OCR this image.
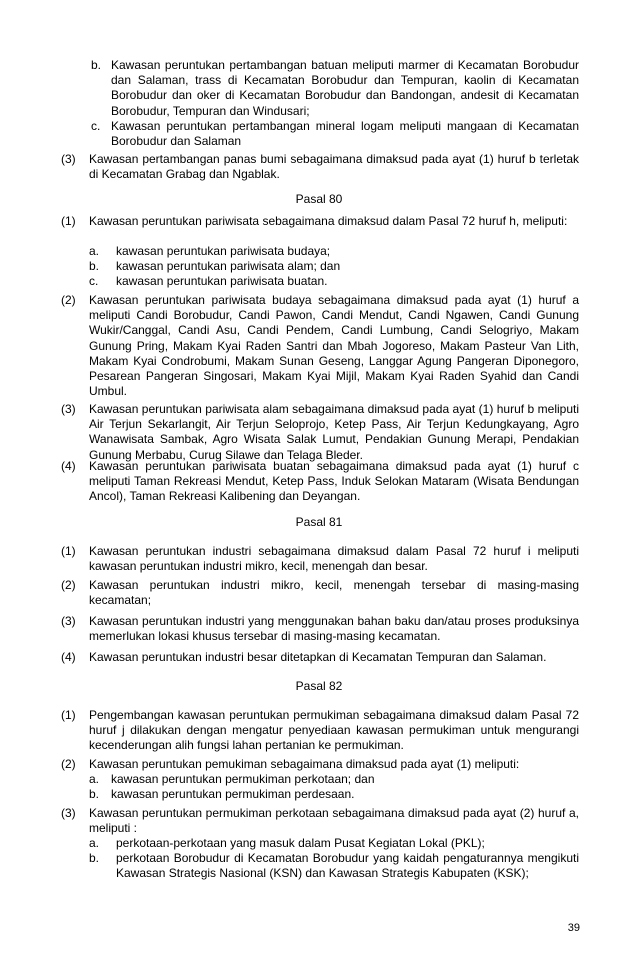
b. Kawasan peruntukan pertambangan batuan meliputi marmer di Kecamatan Borobudur dan Salaman, trass di Kecamatan Borobudur dan Tempuran, kaolin di Kecamatan Borobudur dan oker di Kecamatan Borobudur dan Bandongan, andesit di Kecamatan Borobudur, Tempuran dan Windusari;
c. Kawasan peruntukan pertambangan mineral logam meliputi mangaan di Kecamatan Borobudur dan Salaman
(3)	Kawasan pertambangan panas bumi sebagaimana dimaksud pada ayat (1) huruf b terletak di Kecamatan Grabag dan Ngablak.
Pasal 80
(1)	Kawasan peruntukan pariwisata sebagaimana dimaksud dalam Pasal 72 huruf h, meliputi:
a.	kawasan peruntukan pariwisata budaya;
b.	kawasan peruntukan pariwisata alam; dan
c.	kawasan peruntukan pariwisata buatan.
(2)	Kawasan peruntukan pariwisata budaya sebagaimana dimaksud pada ayat (1) huruf a meliputi Candi Borobudur, Candi Pawon, Candi Mendut, Candi Ngawen, Candi Gunung Wukir/Canggal, Candi Asu, Candi Pendem, Candi Lumbung, Candi Selogriyo, Makam Gunung Pring, Makam Kyai Raden Santri dan Mbah Jogoreso, Makam Pasteur Van Lith, Makam Kyai Condrobumi, Makam Sunan Geseng, Langgar Agung Pangeran Diponegoro, Pesarean Pangeran Singosari, Makam Kyai Mijil, Makam Kyai Raden Syahid dan Candi Umbul.
(3)	Kawasan peruntukan pariwisata alam sebagaimana dimaksud pada ayat (1) huruf b meliputi Air Terjun Sekarlangit, Air Terjun Seloprojo, Ketep Pass, Air Terjun Kedungkayang, Agro Wanawisata Sambak, Agro Wisata Salak Lumut, Pendakian Gunung Merapi, Pendakian Gunung Merbabu, Curug Silawe dan Telaga Bleder.
(4)	Kawasan peruntukan pariwisata buatan sebagaimana dimaksud pada ayat (1) huruf c meliputi Taman Rekreasi Mendut, Ketep Pass, Induk Selokan Mataram (Wisata Bendungan Ancol), Taman Rekreasi Kalibening dan Deyangan.
Pasal 81
(1)	Kawasan peruntukan industri sebagaimana dimaksud dalam Pasal 72 huruf i meliputi kawasan peruntukan industri mikro, kecil, menengah dan besar.
(2)	Kawasan peruntukan industri mikro, kecil, menengah tersebar di masing-masing kecamatan;
(3)	Kawasan peruntukan industri yang menggunakan bahan baku dan/atau proses produksinya memerlukan lokasi khusus tersebar di masing-masing kecamatan.
(4)	Kawasan peruntukan industri besar ditetapkan di Kecamatan Tempuran dan Salaman.
Pasal 82
(1)	Pengembangan kawasan peruntukan permukiman sebagaimana dimaksud dalam Pasal 72 huruf j dilakukan dengan mengatur penyediaan kawasan permukiman untuk mengurangi kecenderungan alih fungsi lahan pertanian ke permukiman.
(2)	Kawasan peruntukan pemukiman sebagaimana dimaksud pada ayat (1) meliputi:
a. kawasan peruntukan permukiman perkotaan; dan
b. kawasan peruntukan permukiman perdesaan.
(3)	Kawasan peruntukan permukiman perkotaan sebagaimana dimaksud pada ayat (2) huruf a, meliputi :
a.	perkotaan-perkotaan yang masuk dalam Pusat Kegiatan Lokal (PKL);
b.	perkotaan Borobudur di Kecamatan Borobudur yang kaidah pengaturannya mengikuti Kawasan Strategis Nasional (KSN) dan Kawasan Strategis Kabupaten (KSK);
39
